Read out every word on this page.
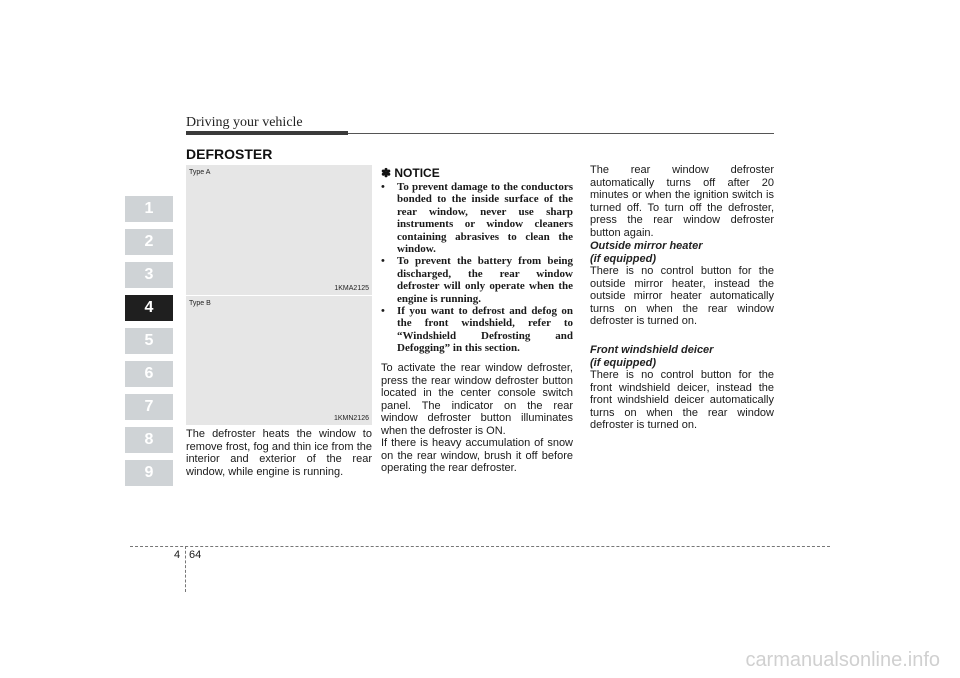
Driving your vehicle
DEFROSTER
1
2
3
4
5
6
7
8
9
Type A
1KMA2125
Type B
1KMN2126

The defroster heats the window to remove frost, fog and thin ice from the interior and exterior of the rear window, while engine is running.

✽ NOTICE
• To prevent damage to the conductors bonded to the inside surface of the rear window, never use sharp instruments or window cleaners containing abrasives to clean the window.
• To prevent the battery from being discharged, the rear window defroster will only operate when the engine is running.
• If you want to defrost and defog on the front windshield, refer to “Windshield Defrosting and Defogging” in this section.

To activate the rear window defroster, press the rear window defroster button located in the center console switch panel. The indicator on the rear window defroster button illuminates when the defroster is ON.

If there is heavy accumulation of snow on the rear window, brush it off before operating the rear defroster.

The rear window defroster automatically turns off after 20 minutes or when the ignition switch is turned off. To turn off the defroster, press the rear window defroster button again.

Outside mirror heater

(if equipped)

There is no control button for the outside mirror heater, instead the outside mirror heater automatically turns on when the rear window defroster is turned on.

Front windshield deicer

(if equipped)

There is no control button for the front windshield deicer, instead the front windshield deicer automatically turns on when the rear window defroster is turned on.

4 64
carmanualsonline.info
